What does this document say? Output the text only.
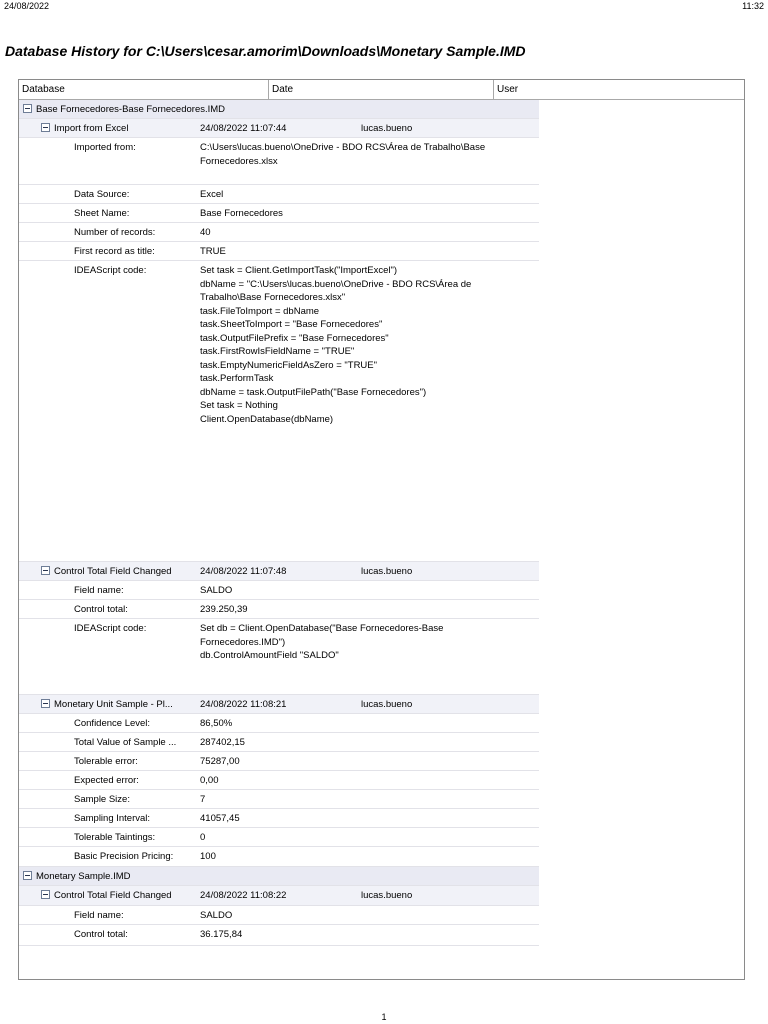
24/08/2022	11:32
Database History for C:\Users\cesar.amorim\Downloads\Monetary Sample.IMD
Database	Date	User
Base Fornecedores-Base Fornecedores.IMD
Import from Excel	24/08/2022 11:07:44	lucas.bueno
Imported from:	C:\Users\lucas.bueno\OneDrive - BDO RCS\Área de Trabalho\Base
Fornecedores.xlsx
Data Source:	Excel
Sheet Name:	Base Fornecedores
Number of records:	40
First record as title:	TRUE
IDEAScript code:	Set task = Client.GetImportTask("ImportExcel")
dbName = "C:\Users\lucas.bueno\OneDrive - BDO RCS\Área de
Trabalho\Base Fornecedores.xlsx"
task.FileToImport = dbName
task.SheetToImport = "Base Fornecedores"
task.OutputFilePrefix = "Base Fornecedores"
task.FirstRowIsFieldName = "TRUE"
task.EmptyNumericFieldAsZero = "TRUE"
task.PerformTask
dbName = task.OutputFilePath("Base Fornecedores")
Set task = Nothing
Client.OpenDatabase(dbName)
Control Total Field Changed	24/08/2022 11:07:48	lucas.bueno
Field name:	SALDO
Control total:	239.250,39
IDEAScript code:	Set db = Client.OpenDatabase("Base Fornecedores-Base
Fornecedores.IMD")
db.ControlAmountField "SALDO"
Monetary Unit Sample - Pl...	24/08/2022 11:08:21	lucas.bueno
Confidence Level:	86,50%
Total Value of Sample ... 287402,15
Tolerable error:	75287,00
Expected error:	0,00
Sample Size:	7
Sampling Interval:	41057,45
Tolerable Taintings:	0
Basic Precision Pricing:	100
Monetary Sample.IMD
Control Total Field Changed	24/08/2022 11:08:22	lucas.bueno
Field name:	SALDO
Control total:	36.175,84
1
